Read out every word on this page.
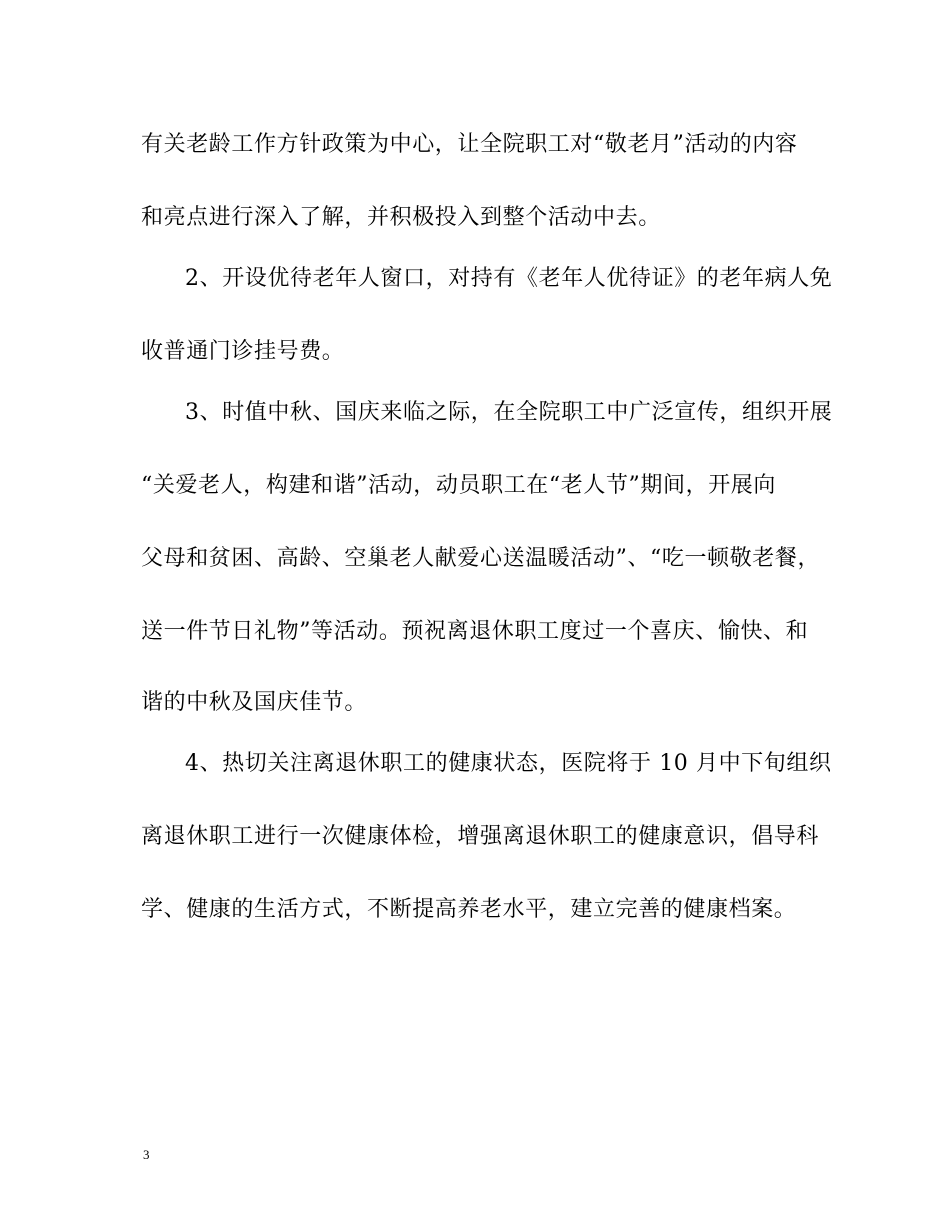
有关老龄工作方针政策为中心，让全院职工对“敬老月”活动的内容
和亮点进行深入了解，并积极投入到整个活动中去。
2、开设优待老年人窗口，对持有《老年人优待证》的老年病人免
收普通门诊挂号费。
3、时值中秋、国庆来临之际，在全院职工中广泛宣传，组织开展
“关爱老人，构建和谐”活动，动员职工在“老人节”期间，开展向
父母和贫困、高龄、空巢老人献爱心送温暖活动”、“吃一顿敬老餐，
送一件节日礼物”等活动。预祝离退休职工度过一个喜庆、愉快、和
谐的中秋及国庆佳节。
4、热切关注离退休职工的健康状态，医院将于 10 月中下旬组织
离退休职工进行一次健康体检，增强离退休职工的健康意识，倡导科
学、健康的生活方式，不断提高养老水平，建立完善的健康档案。
3
